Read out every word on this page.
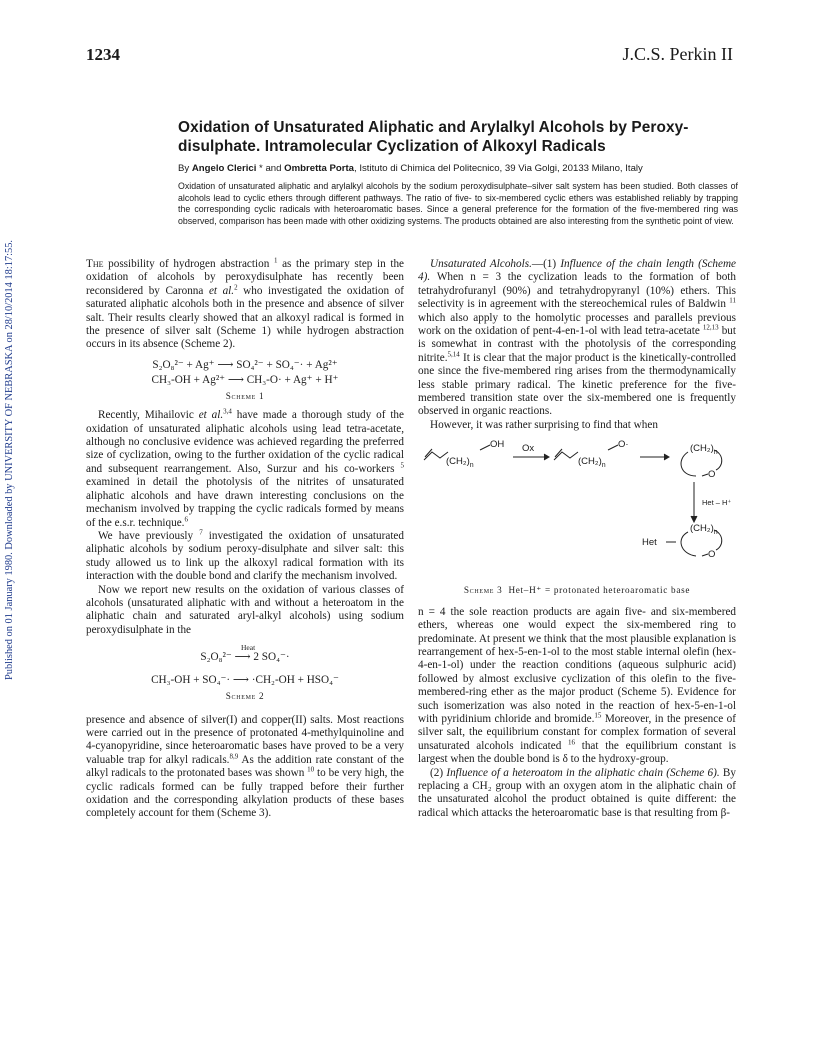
Published on 01 January 1980. Downloaded by UNIVERSITY OF NEBRASKA on 28/10/2014 18:17:55.
1234	J.C.S. Perkin II
Oxidation of Unsaturated Aliphatic and Arylalkyl Alcohols by Peroxy-disulphate. Intramolecular Cyclization of Alkoxyl Radicals
By Angelo Clerici * and Ombretta Porta, Istituto di Chimica del Politecnico, 39 Via Golgi, 20133 Milano, Italy
Oxidation of unsaturated aliphatic and arylalkyl alcohols by the sodium peroxydisulphate–silver salt system has been studied. Both classes of alcohols lead to cyclic ethers through different pathways. The ratio of five- to six-membered cyclic ethers was established reliably by trapping the corresponding cyclic radicals with heteroaromatic bases. Since a general preference for the formation of the five-membered ring was observed, comparison has been made with other oxidizing systems. The products obtained are also interesting from the synthetic point of view.

The possibility of hydrogen abstraction $^1$ as the primary step in the oxidation of alcohols by peroxydisulphate has recently been reconsidered by Caronna et al.$^2$ who investigated the oxidation of saturated aliphatic alcohols both in the presence and absence of silver salt. Their results clearly showed that an alkoxyl radical is formed in the presence of silver salt (Scheme 1) while hydrogen abstraction occurs in its absence (Scheme 2).

S₂O₈²⁻ + Ag⁺ ⟶ SO₄²⁻ + SO₄⁻· + Ag²⁺
CH₃-OH + Ag²⁺ ⟶ CH₃-O· + Ag⁺ + H⁺
Scheme 1

Recently, Mihailovic et al.$^{3,4}$ have made a thorough study of the oxidation of unsaturated aliphatic alcohols using lead tetra-acetate, although no conclusive evidence was achieved regarding the preferred size of cyclization, owing to the further oxidation of the cyclic radical and subsequent rearrangement. Also, Surzur and his co-workers $^5$ examined in detail the photolysis of the nitrites of unsaturated aliphatic alcohols and have drawn interesting conclusions on the mechanism involved by trapping the cyclic radicals formed by means of the e.s.r. technique.$^6$

We have previously $^7$ investigated the oxidation of unsaturated aliphatic alcohols by sodium peroxy-disulphate and silver salt: this study allowed us to link up the alkoxyl radical formation with its interaction with the double bond and clarify the mechanism involved.

Now we report new results on the oxidation of various classes of alcohols (unsaturated aliphatic with and without a heteroatom in the aliphatic chain and saturated aryl-alkyl alcohols) using sodium peroxydisulphate in the

Heat
S₂O₈²⁻ ⟶ 2 SO₄⁻·
CH₃-OH + SO₄⁻· ⟶ ·CH₂-OH + HSO₄⁻
Scheme 2

presence and absence of silver(I) and copper(II) salts. Most reactions were carried out in the presence of protonated 4-methylquinoline and 4-cyanopyridine, since heteroaromatic bases have proved to be a very valuable trap for alkyl radicals.$^{8,9}$ As the addition rate constant of the alkyl radicals to the protonated bases was shown $^{10}$ to be very high, the cyclic radicals formed can be fully trapped before their further oxidation and the corresponding alkylation products of these bases completely account for them (Scheme 3).

Unsaturated Alcohols.—(1) Influence of the chain length (Scheme 4). When n = 3 the cyclization leads to the formation of both tetrahydrofuranyl (90%) and tetrahydropyranyl (10%) ethers. This selectivity is in agreement with the stereochemical rules of Baldwin $^{11}$ which also apply to the homolytic processes and parallels previous work on the oxidation of pent-4-en-1-ol with lead tetra-acetate $^{12,13}$ but is somewhat in contrast with the photolysis of the corresponding nitrite.$^{5,14}$ It is clear that the major product is the kinetically-controlled one since the five-membered ring arises from the thermodynamically less stable primary radical. The kinetic preference for the five-membered transition state over the six-membered one is frequently observed in organic reactions.

However, it was rather surprising to find that when

$(CH_2)_n$
OH Ox
$(CH_2)_n$
O·	$(CH_2)_n$
O
Het – H⁺
Het
$(CH_2)_n$
O
Scheme 3 Het–H⁺ = protonated heteroaromatic base

n = 4 the sole reaction products are again five- and six-membered ethers, whereas one would expect the six-membered ring to predominate. At present we think that the most plausible explanation is rearrangement of hex-5-en-1-ol to the most stable internal olefin (hex-4-en-1-ol) under the reaction conditions (aqueous sulphuric acid) followed by almost exclusive cyclization of this olefin to the five-membered-ring ether as the major product (Scheme 5). Evidence for such isomerization was also noted in the reaction of hex-5-en-1-ol with pyridinium chloride and bromide.$^{15}$ Moreover, in the presence of silver salt, the equilibrium constant for complex formation of several unsaturated alcohols indicated $^{16}$ that the equilibrium constant is largest when the double bond is δ to the hydroxy-group.

(2) Influence of a heteroatom in the aliphatic chain (Scheme 6). By replacing a CH₂ group with an oxygen atom in the aliphatic chain of the unsaturated alcohol the product obtained is quite different: the radical which attacks the heteroaromatic base is that resulting from β-
